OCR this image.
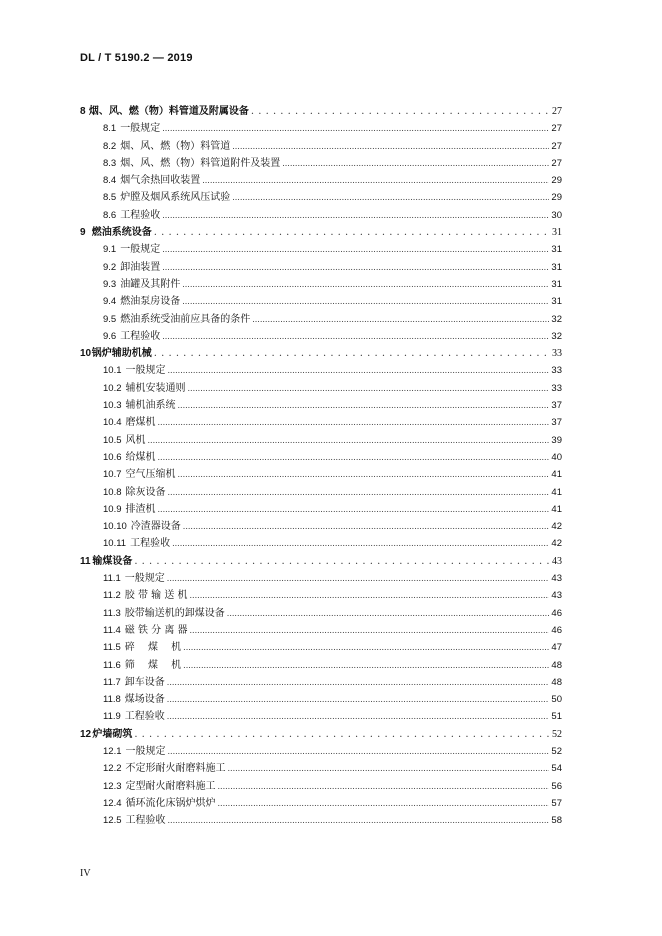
DL / T 5190.2 — 2019
8 烟、风、燃（物）料管道及附属设备 . . .	27
8.1 一般规定 .....	27
8.2 烟、风、燃（物）料管道 .....	27
8.3 烟、风、燃（物）料管道附件及装置 .....	27
8.4 烟气余热回收装置 .....	29
8.5 炉膛及烟风系统风压试验 .....	29
8.6 工程验收 .....	30
9 燃油系统设备 . . .	31
9.1 一般规定 .....	31
9.2 卸油装置 .....	31
9.3 油罐及其附件 .....	31
9.4 燃油泵房设备 .....	31
9.5 燃油系统受油前应具备的条件 .....	32
9.6 工程验收 .....	32
10 锅炉辅助机械 . . .	33
10.1 一般规定 .....	33
10.2 辅机安装通则 .....	33
10.3 辅机油系统 .....	37
10.4 磨煤机 .....	37
10.5 风机 .....	39
10.6 给煤机 .....	40
10.7 空气压缩机 .....	41
10.8 除灰设备 .....	41
10.9 排渣机 .....	41
10.10 冷渣器设备 .....	42
10.11 工程验收 .....	42
11 输煤设备 . . .	43
11.1 一般规定 .....	43
11.2 胶 带 输 送 机 .....	43
11.3 胶带输送机的卸煤设备 .....	46
11.4 磁 铁 分 离 器 .....	46
11.5 碎　 煤　 机 .....	47
11.6 筛　 煤　 机 .....	48
11.7 卸车设备 .....	48
11.8 煤场设备 .....	50
11.9 工程验收 .....	51
12 炉墙砌筑 . . .	52
12.1 一般规定 .....	52
12.2 不定形耐火耐磨料施工 .....	54
12.3 定型耐火耐磨料施工 .....	56
12.4 循环流化床锅炉烘炉 .....	57
12.5 工程验收 .....	58
IV
